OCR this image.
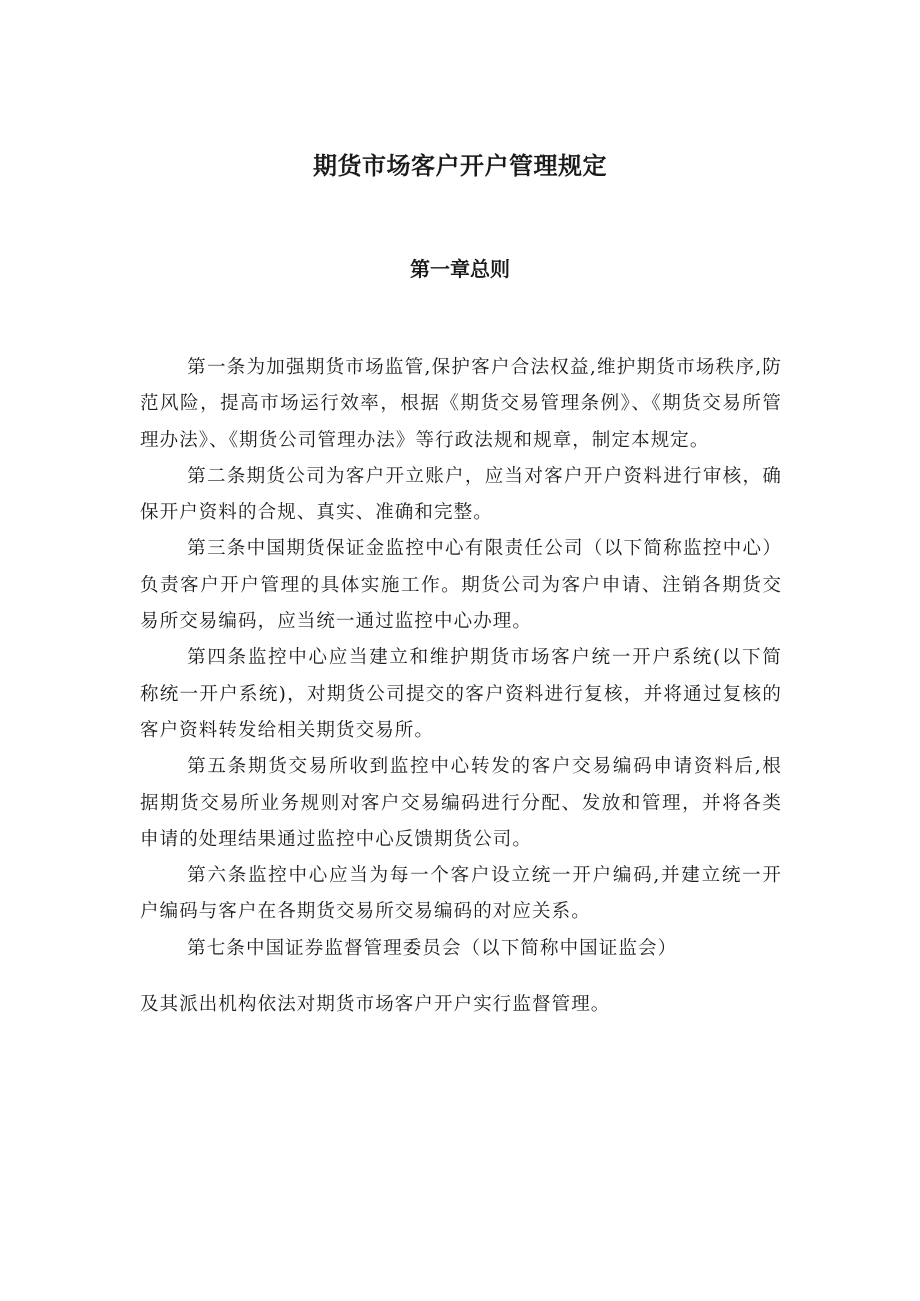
期货市场客户开户管理规定
第一章总则

第一条为加强期货市场监管,保护客户合法权益,维护期货市场秩序,防范风险，提高市场运行效率，根据《期货交易管理条例》、《期货交易所管理办法》、《期货公司管理办法》等行政法规和规章，制定本规定。

第二条期货公司为客户开立账户，应当对客户开户资料进行审核，确保开户资料的合规、真实、准确和完整。

第三条中国期货保证金监控中心有限责任公司（以下简称监控中心）负责客户开户管理的具体实施工作。期货公司为客户申请、注销各期货交易所交易编码，应当统一通过监控中心办理。

第四条监控中心应当建立和维护期货市场客户统一开户系统(以下简称统一开户系统)，对期货公司提交的客户资料进行复核，并将通过复核的客户资料转发给相关期货交易所。

第五条期货交易所收到监控中心转发的客户交易编码申请资料后,根据期货交易所业务规则对客户交易编码进行分配、发放和管理，并将各类申请的处理结果通过监控中心反馈期货公司。

第六条监控中心应当为每一个客户设立统一开户编码,并建立统一开户编码与客户在各期货交易所交易编码的对应关系。

第七条中国证券监督管理委员会（以下简称中国证监会）

及其派出机构依法对期货市场客户开户实行监督管理。
